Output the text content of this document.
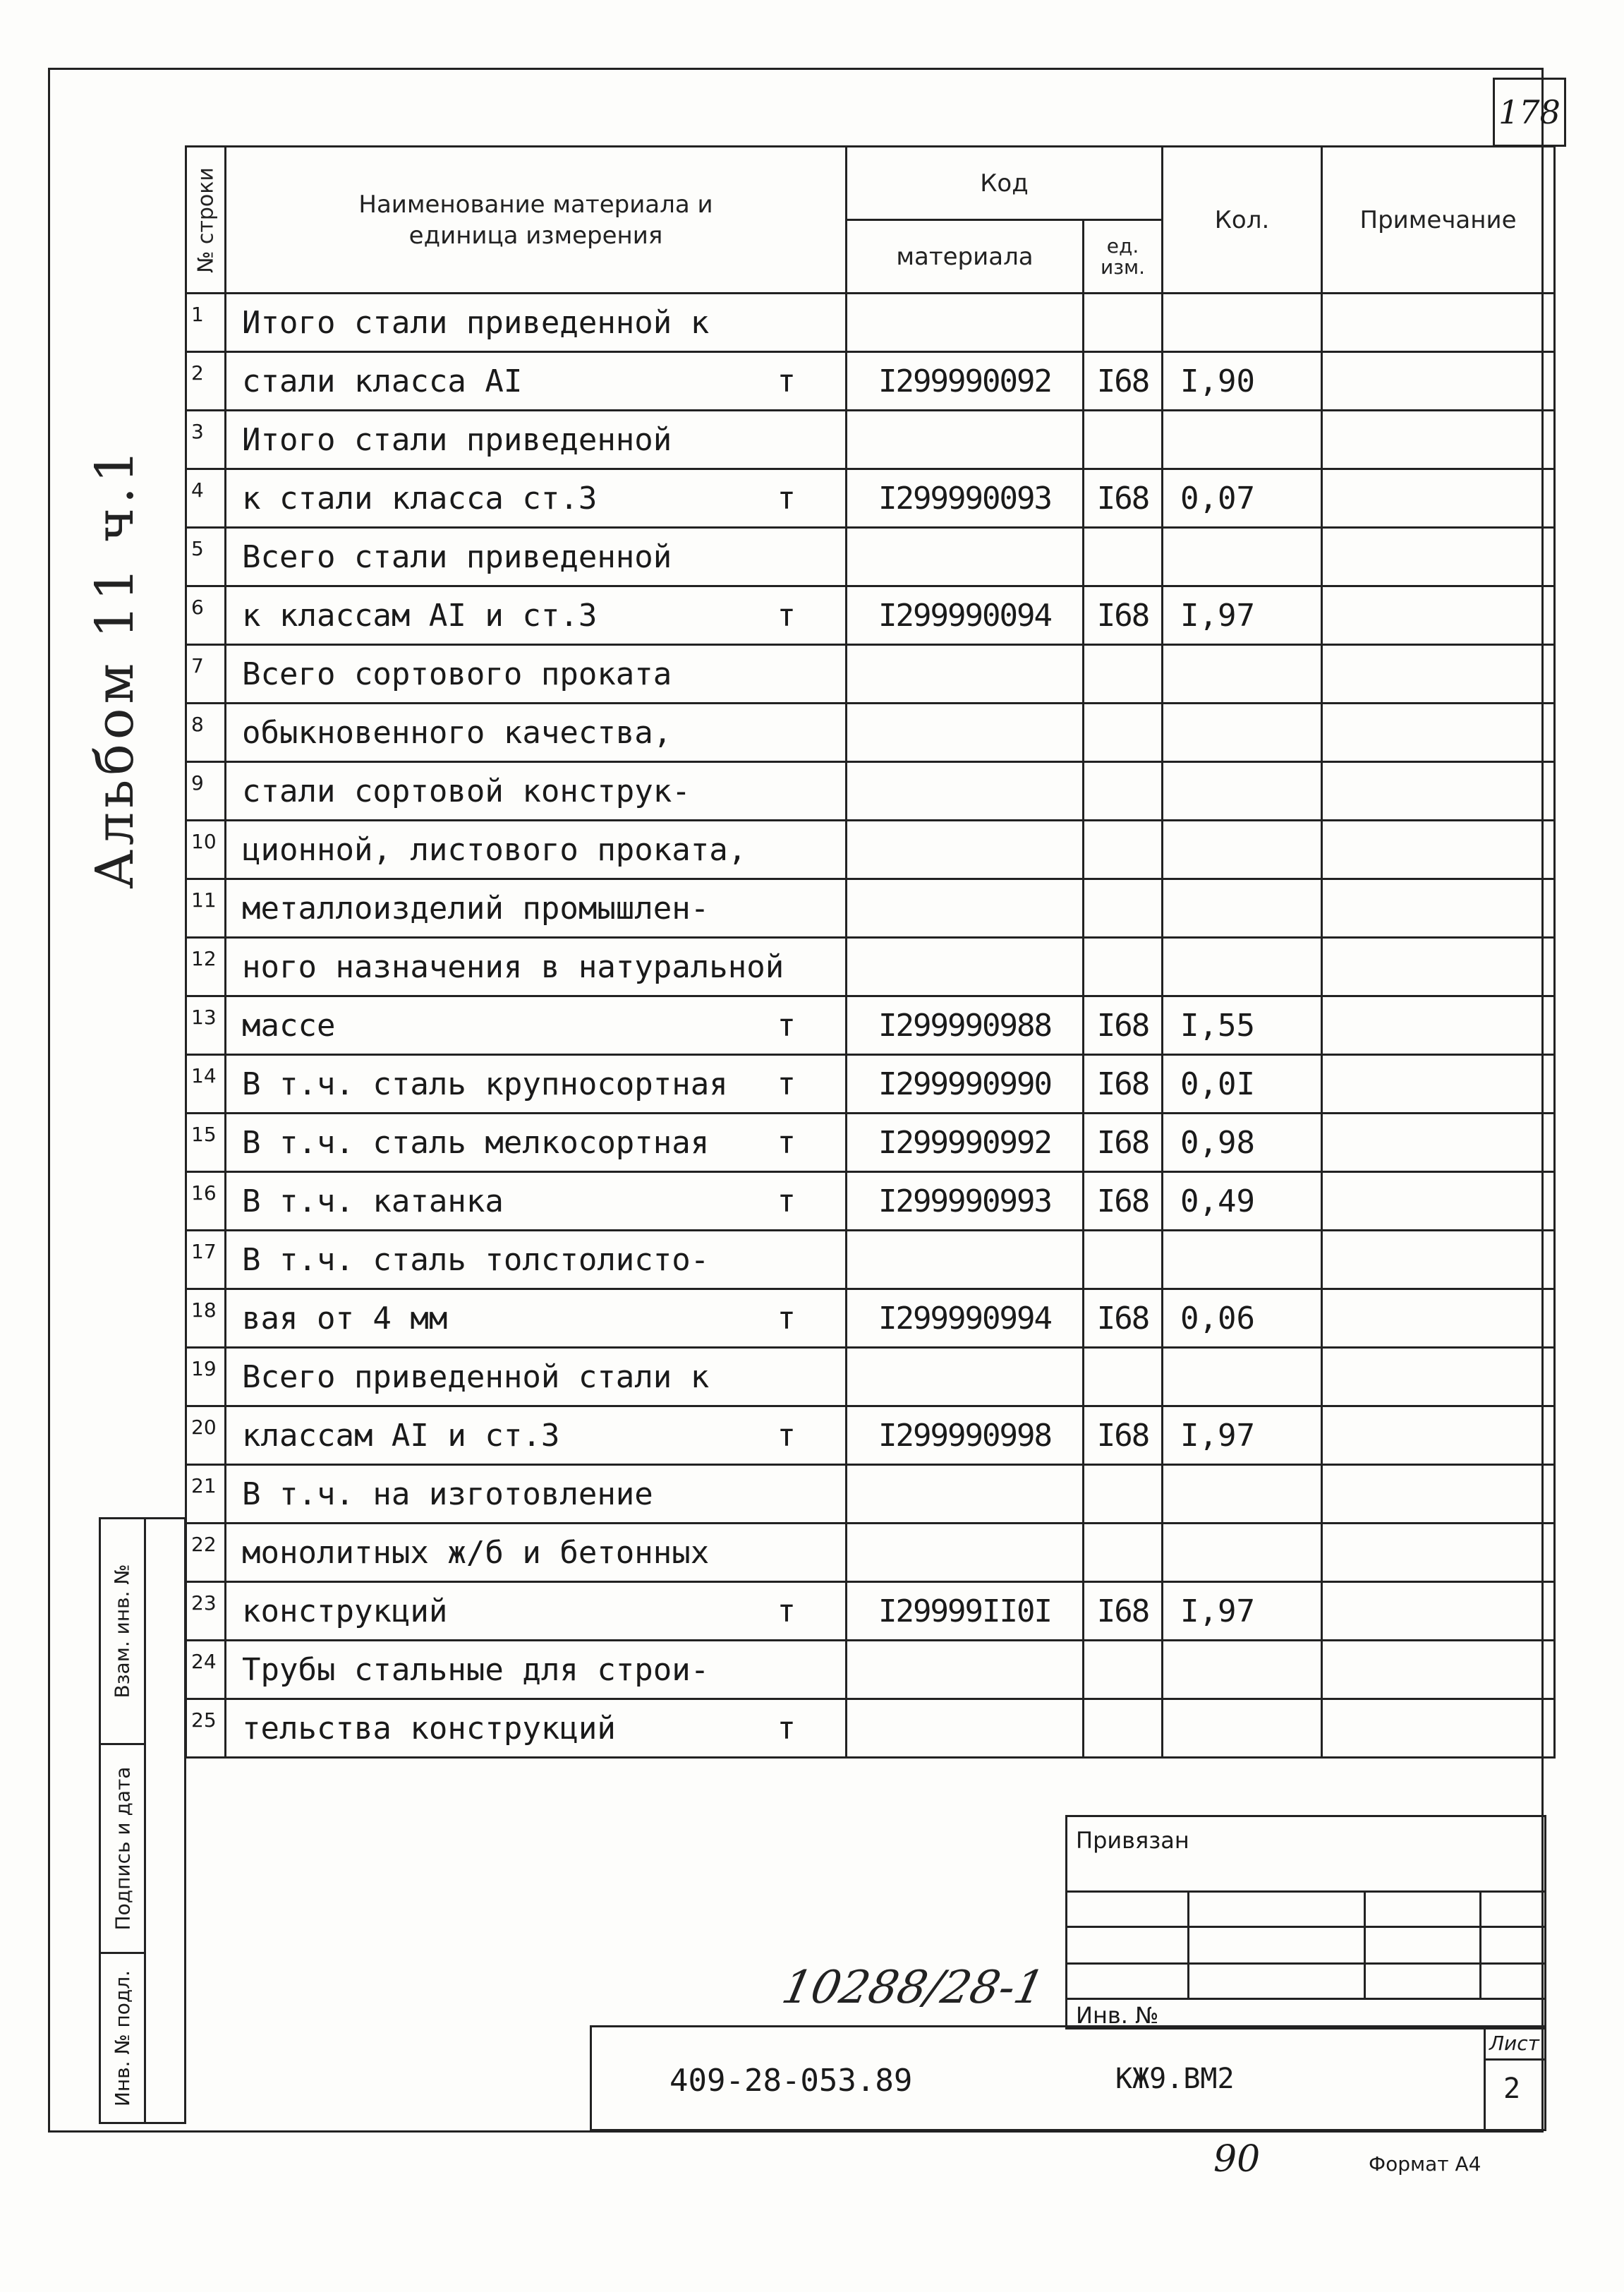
178
Альбом 11 ч.1
№ строки	Наименование материала и единица измерения	Код		Кол.	Примечание
		материала	ед. изм.		
1	Итого стали приведенной к

2	стали класса АI т	I299990092	I68	I,90	
3	Итого стали приведенной

4	к стали класса ст.3 т	I299990093	I68	0,07	
5	Всего стали приведенной

6	к классам АI и ст.3 т	I299990094	I68	I,97	
7	Всего сортового проката

8	обыкновенного качества,

9	стали сортовой конструк-

10	ционной, листового проката,

11	металлоизделий промышлен-

12	ного назначения в натуральной

13	массе т	I299990988	I68	I,55	
14	В т.ч. сталь крупносортная т	I299990990	I68	0,0I	
15	В т.ч. сталь мелкосортная т	I299990992	I68	0,98	
16	В т.ч. катанка т	I299990993	I68	0,49	
17	В т.ч. сталь толстолисто-

18	вая от 4 мм т	I299990994	I68	0,06	
19	Всего приведенной стали к

20	классам АI и ст.3 т	I299990998	I68	I,97	
21	В т.ч. на изготовление

22	монолитных ж/б и бетонных

23	конструкций т	I29999II0I	I68	I,97	
24	Трубы стальные для строи-

25	тельства конструкций т				

Взам. инв. №
Подпись и дата
Инв. № подл.
Привязан
Инв. №
10288/28-1
409-28-053.89	КЖ9.ВМ2
Лист
2
90	Формат А4
